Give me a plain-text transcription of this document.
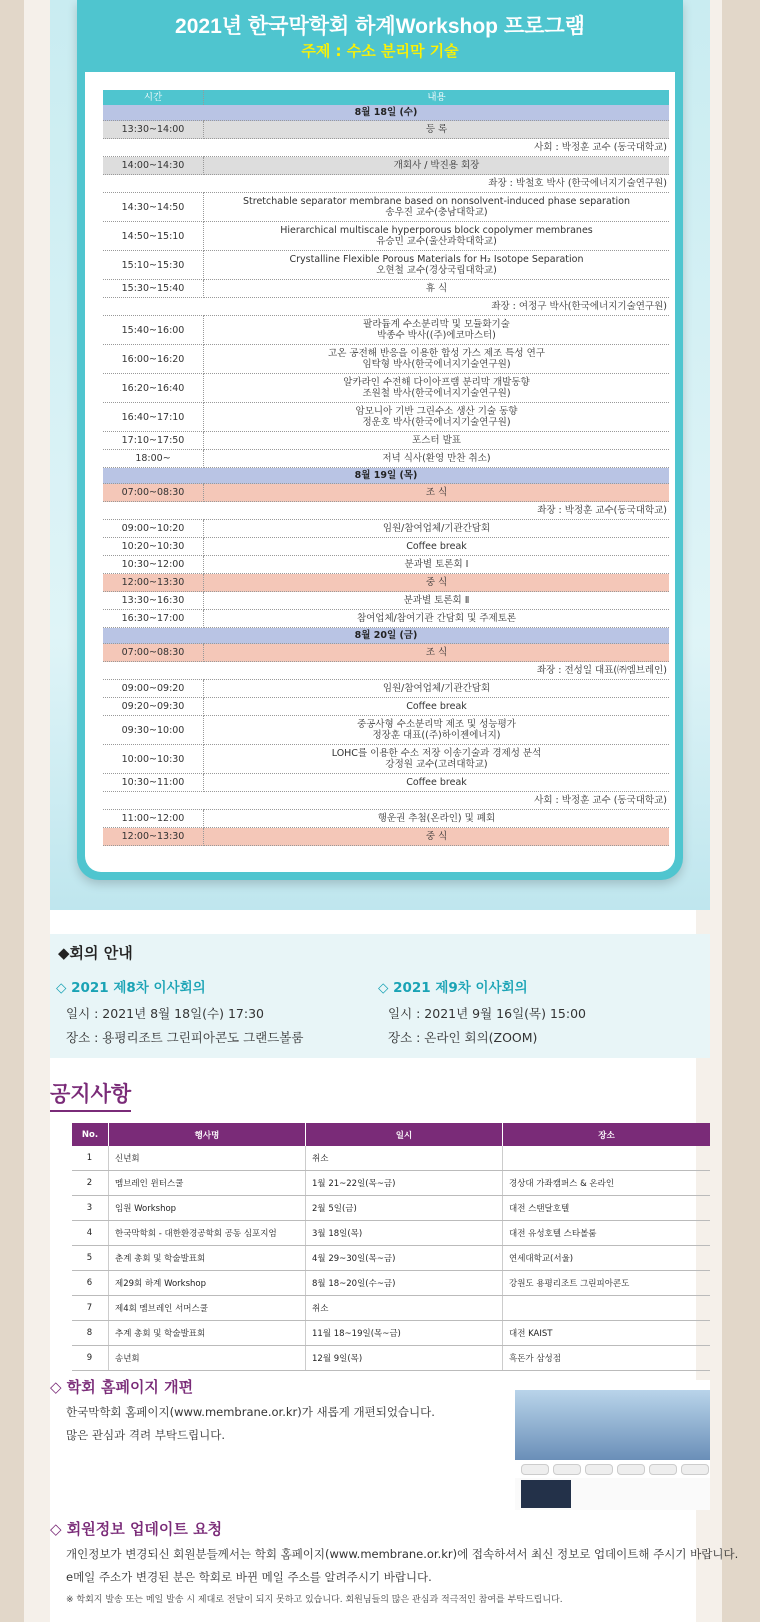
2021년 한국막학회 하계Workshop 프로그램
주제 : 수소 분리막 기술
시간	내용
8월 18일 (수)	
13:30~14:00	등 록

사회 : 박정훈 교수 (동국대학교)	
14:00~14:30	개회사 / 박진용 회장

좌장 : 박철호 박사 (한국에너지기술연구원)	
14:30~14:50	Stretchable separator membrane based on nonsolvent-induced phase separation
송우진 교수(충남대학교)

14:50~15:10	Hierarchical multiscale hyperporous block copolymer membranes
유승민 교수(울산과학대학교)

15:10~15:30	Crystalline Flexible Porous Materials for H₂ Isotope Separation
오현철 교수(경상국립대학교)

15:30~15:40	휴 식

좌장 : 여정구 박사(한국에너지기술연구원)	
15:40~16:00	팔라듐계 수소분리막 및 모듈화기술
박종수 박사((주)에코마스터)

16:00~16:20	고온 공전해 반응을 이용한 합성 가스 제조 특성 연구
임탁형 박사(한국에너지기술연구원)

16:20~16:40	알카라인 수전해 다이아프램 분리막 개발동향
조원철 박사(한국에너지기술연구원)

16:40~17:10	암모니아 기반 그린수소 생산 기술 동향
정운호 박사(한국에너지기술연구원)

17:10~17:50	포스터 발표

18:00~	저녁 식사(환영 만찬 취소)

8월 19일 (목)	
07:00~08:30	조 식

좌장 : 박정훈 교수(동국대학교)	
09:00~10:20	임원/참여업체/기관간담회

10:20~10:30	Coffee break

10:30~12:00	분과별 토론회 Ⅰ

12:00~13:30	중 식

13:30~16:30	분과별 토론회 Ⅱ

16:30~17:00	참여업체/참여기관 간담회 및 주제토론

8월 20일 (금)	
07:00~08:30	조 식

좌장 : 전성일 대표(㈜엠브레인)	
09:00~09:20	임원/참여업체/기관간담회

09:20~09:30	Coffee break

09:30~10:00	중공사형 수소분리막 제조 및 성능평가
정장훈 대표((주)하이젠에너지)

10:00~10:30	LOHC를 이용한 수소 저장 이송기술과 경제성 분석
강정원 교수(고려대학교)

10:30~11:00	Coffee break

사회 : 박정훈 교수 (동국대학교)	
11:00~12:00	행운권 추첨(온라인) 및 폐회

12:00~13:30	중 식
◆회의 안내
◇ 2021 제8차 이사회의
일시 : 2021년 8월 18일(수) 17:30
장소 : 용평리조트 그린피아콘도 그랜드볼룸
◇ 2021 제9차 이사회의
일시 : 2021년 9월 16일(목) 15:00
장소 : 온라인 회의(ZOOM)
공지사항
No.	행사명	일시	장소
1	신년회	취소	
2	멤브레인 윈터스쿨	1월 21~22일(목~금)	경상대 가좌캠퍼스 & 온라인
3	임원 Workshop	2월 5일(금)	대전 스탠달호텔
4	한국막학회 - 대한환경공학회 공동 심포지엄	3월 18일(목)	대전 유성호텔 스타볼룸
5	춘계 총회 및 학술발표회	4월 29~30일(목~금)	연세대학교(서울)
6	제29회 하계 Workshop	8월 18~20일(수~금)	강원도 용평리조트 그린피아콘도
7	제4회 멤브레인 서머스쿨	취소	
8	추계 총회 및 학술발표회	11월 18~19일(목~금)	대전 KAIST
9	송년회	12월 9일(목)	흑돈가 삼성점
◇ 학회 홈페이지 개편
한국막학회 홈페이지(www.membrane.or.kr)가 새롭게 개편되었습니다.
많은 관심과 격려 부탁드립니다.
◇ 회원정보 업데이트 요청
개인정보가 변경되신 회원분들께서는 학회 홈페이지(www.membrane.or.kr)에 접속하셔서 최신 정보로 업데이트해 주시기 바랍니다.
e메일 주소가 변경된 분은 학회로 바뀐 메일 주소를 알려주시기 바랍니다.
※ 학회지 발송 또는 메일 발송 시 제대로 전달이 되지 못하고 있습니다. 회원님들의 많은 관심과 적극적인 참여를 부탁드립니다.
